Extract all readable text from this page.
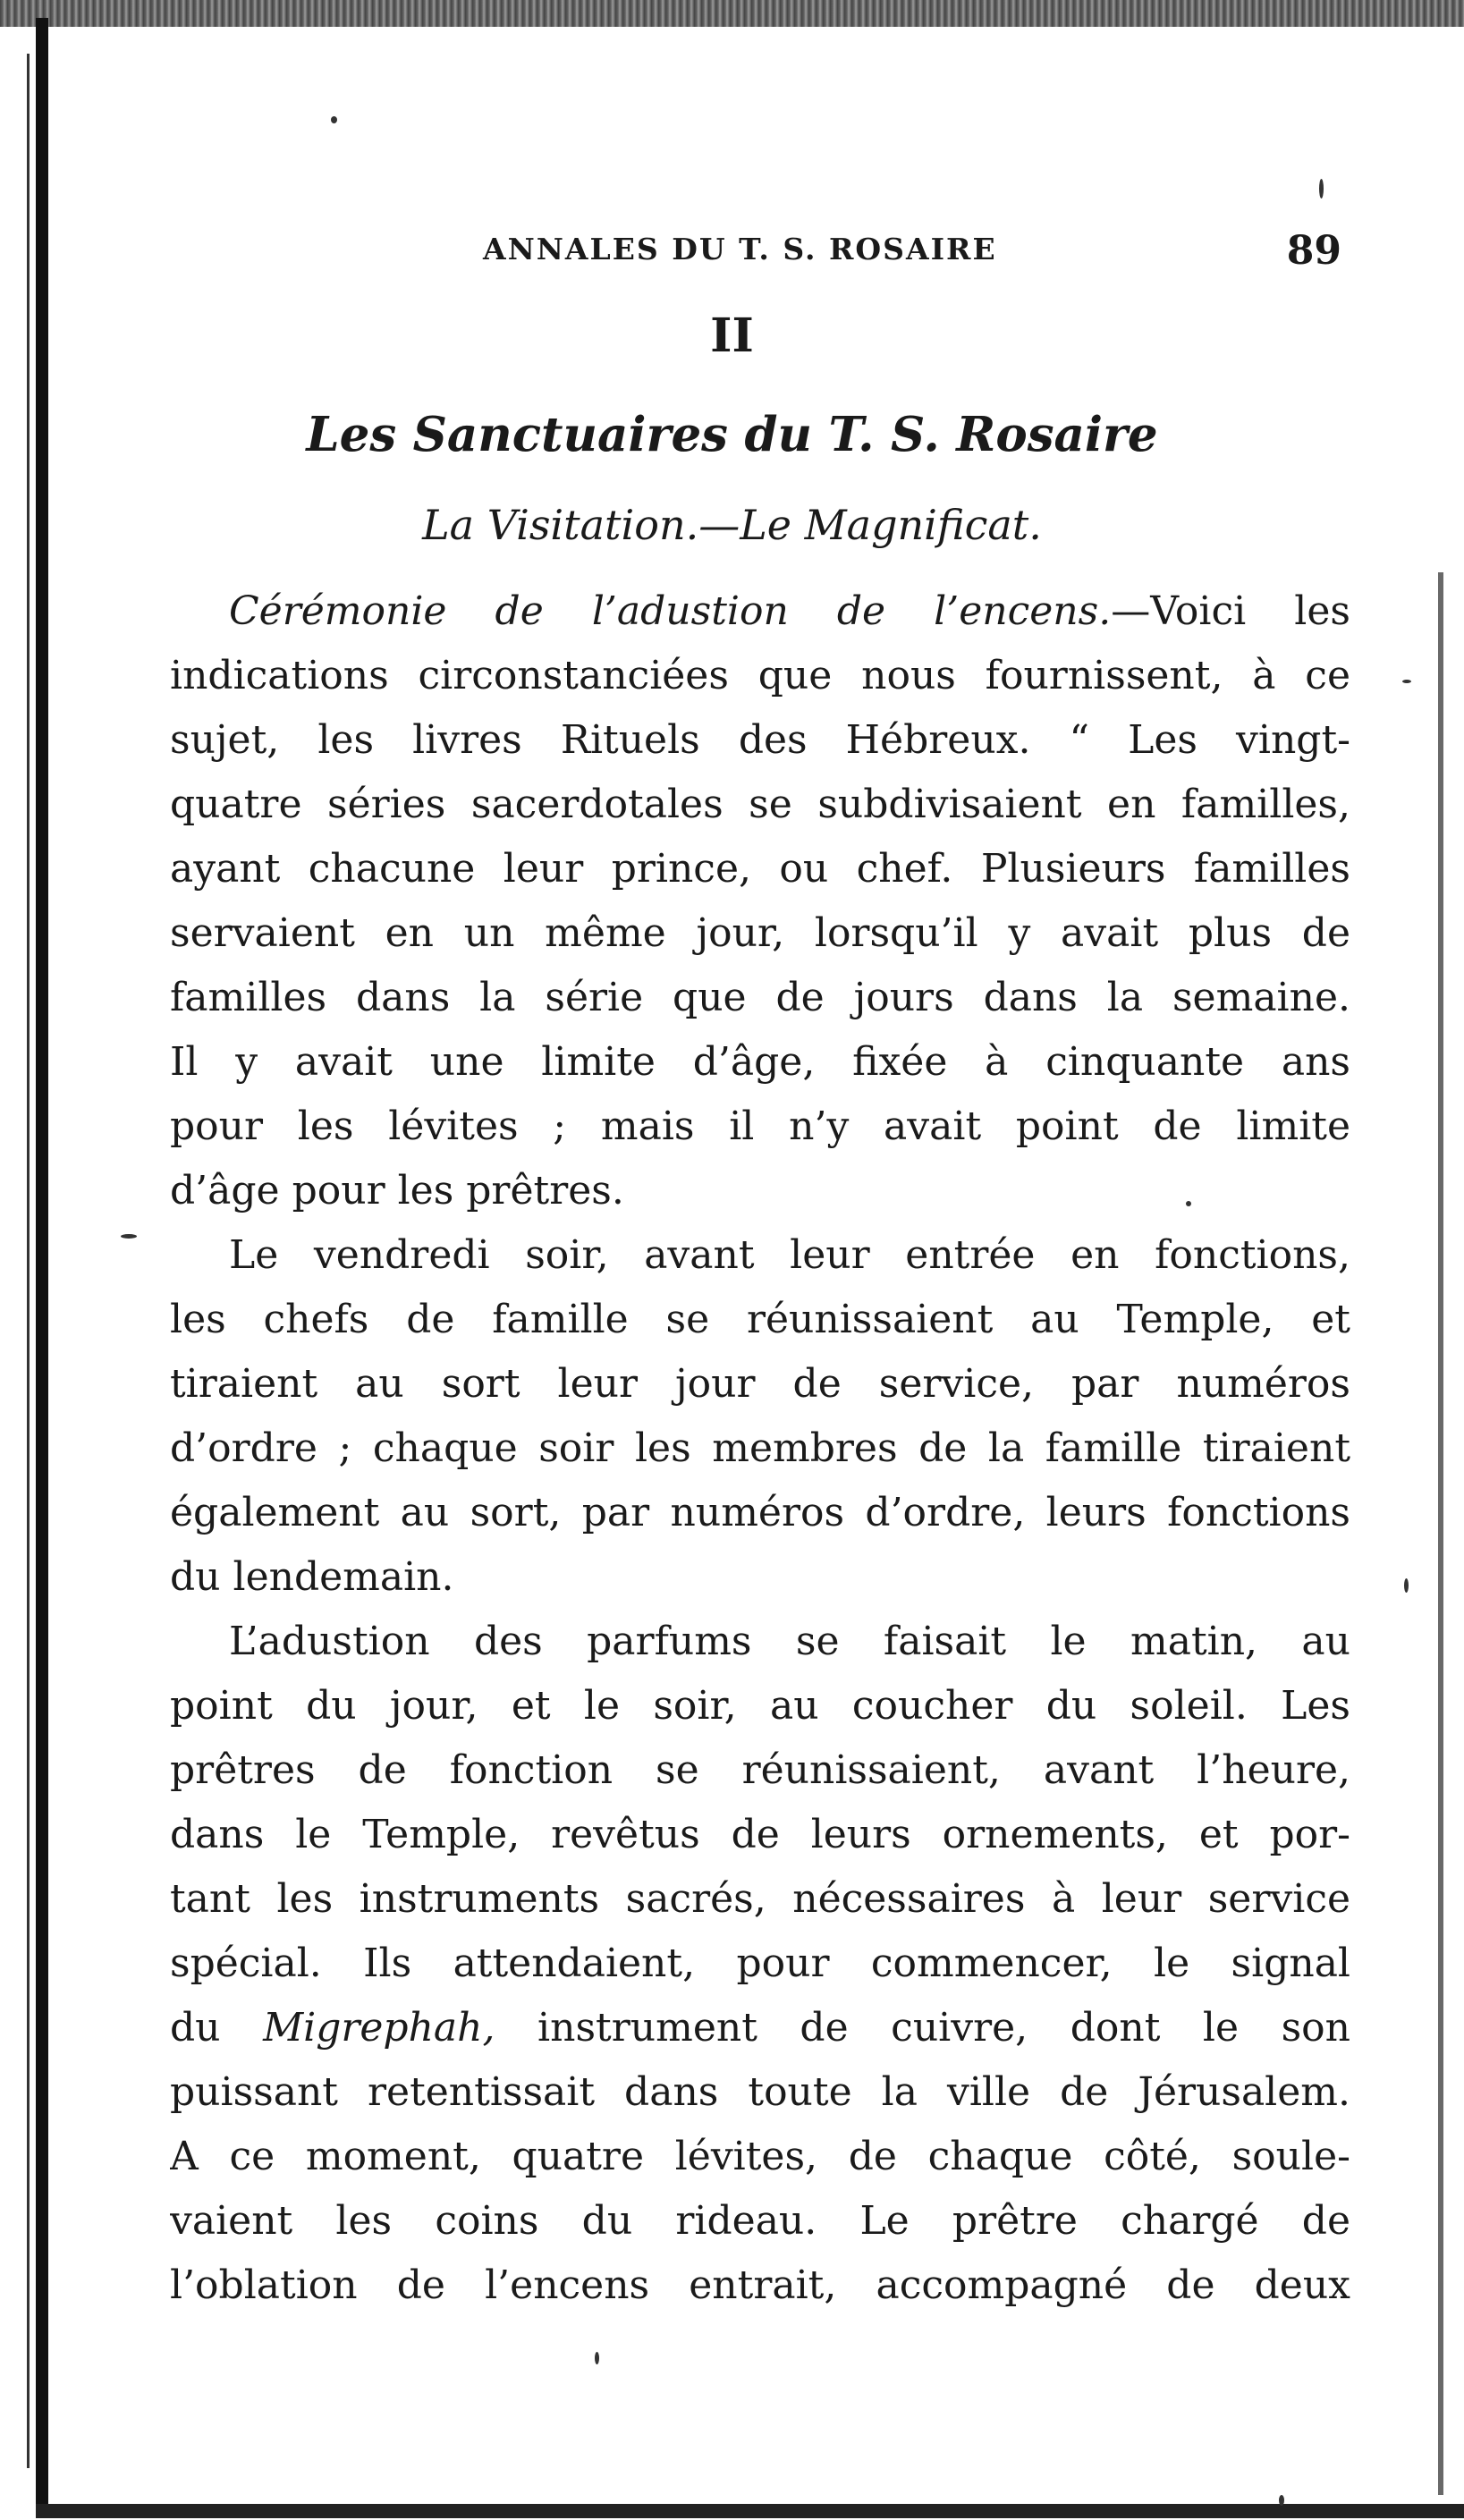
ANNALES DU T. S. ROSAIRE	89
II
Les Sanctuaires du T. S. Rosaire
La Visitation.—Le Magnificat.
Cérémonie de l’adustion de l’encens.—Voici les
indications circonstanciées que nous fournissent, à ce
sujet, les livres Rituels des Hébreux. “ Les vingt-
quatre séries sacerdotales se subdivisaient en familles,
ayant chacune leur prince, ou chef. Plusieurs familles
servaient en un même jour, lorsqu’il y avait plus de
familles dans la série que de jours dans la semaine.
Il y avait une limite d’âge, fixée à cinquante ans
pour les lévites ; mais il n’y avait point de limite
d’âge pour les prêtres.
Le vendredi soir, avant leur entrée en fonctions,
les chefs de famille se réunissaient au Temple, et
tiraient au sort leur jour de service, par numéros
d’ordre ; chaque soir les membres de la famille tiraient
également au sort, par numéros d’ordre, leurs fonctions
du lendemain.
L’adustion des parfums se faisait le matin, au
point du jour, et le soir, au coucher du soleil. Les
prêtres de fonction se réunissaient, avant l’heure,
dans le Temple, revêtus de leurs ornements, et por-
tant les instruments sacrés, nécessaires à leur service
spécial. Ils attendaient, pour commencer, le signal
du Migrephah, instrument de cuivre, dont le son
puissant retentissait dans toute la ville de Jérusalem.
A ce moment, quatre lévites, de chaque côté, soule-
vaient les coins du rideau. Le prêtre chargé de
l’oblation de l’encens entrait, accompagné de deux
